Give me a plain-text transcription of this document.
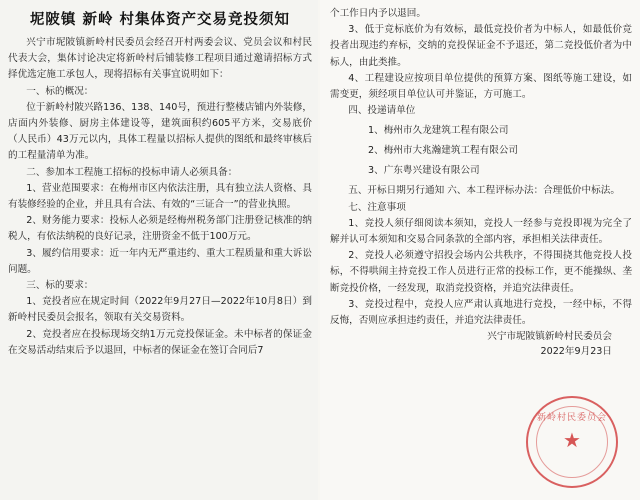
坭陂镇 新岭 村集体资产交易竞投须知

兴宁市坭陂镇新岭村民委员会经召开村两委会议、党员会议和村民代表大会，集体讨论决定将新岭村后铺装修工程项目通过邀请招标方式择优选定施工承包人，现将招标有关事宜说明如下：

一、标的概况：

位于新岭村陂兴路136、138、140号，预进行整楼店铺内外装修，店面内外装修、厨房主体建设等，建筑面积约605平方米，交易底价（人民币）43万元以内，具体工程量以招标人提供的图纸和最终审核后的工程量清单为准。

二、参加本工程施工招标的投标申请人必须具备：

1、营业范围要求：在梅州市区内依法注册，具有独立法人资格、具有装修经验的企业，并且具有合法、有效的“三证合一”的营业执照。

2、财务能力要求：投标人必须是经梅州税务部门注册登记核准的纳税人，有依法纳税的良好记录，注册资金不低于100万元。

3、履约信用要求：近一年内无严重违约、重大工程质量和重大诉讼问题。

三、标的要求：

1、竞投者应在规定时间（2022年9月27日—2022年10月8日）到新岭村民委员会报名，领取有关交易资料。

2、竞投者应在投标现场交纳1万元竞投保证金。未中标者的保证金在交易活动结束后予以退回，中标者的保证金在签订合同后7

个工作日内予以退回。

3、低于竞标底价为有效标，最低竞投价者为中标人，如最低价竞投者出现违约弃标，交纳的竞投保证金不予退还，第二竞投低价者为中标人，由此类推。

4、工程建设应按项目单位提供的预算方案、图纸等施工建设，如需变更，须经项目单位认可并鉴证，方可施工。

四、投递请单位

1、梅州市久龙建筑工程有限公司
2、梅州市大兆瀚建筑工程有限公司
3、广东粤兴建设有限公司

五、开标日期另行通知 六、本工程评标办法：合理低价中标法。

七、注意事项

1、竞投人须仔细阅读本须知，竞投人一经参与竞投即视为完全了解并认可本须知和交易合同条款的全部内容，承担相关法律责任。

2、竞投人必须遵守招投会场内公共秩序，不得围挠其他竞投人投标，不得哄闹主持竞投工作人员进行正常的投标工作，更不能操纵、垄断竞投价格，一经发现，取消竞投资格，并追究法律责任。

3、竞投过程中，竞投人应严肃认真地进行竞投，一经中标，不得反悔，否则应承担违约责任，并追究法律责任。

兴宁市坭陂镇新岭村民委员会
2022年9月23日
新岭村民委员会
★
